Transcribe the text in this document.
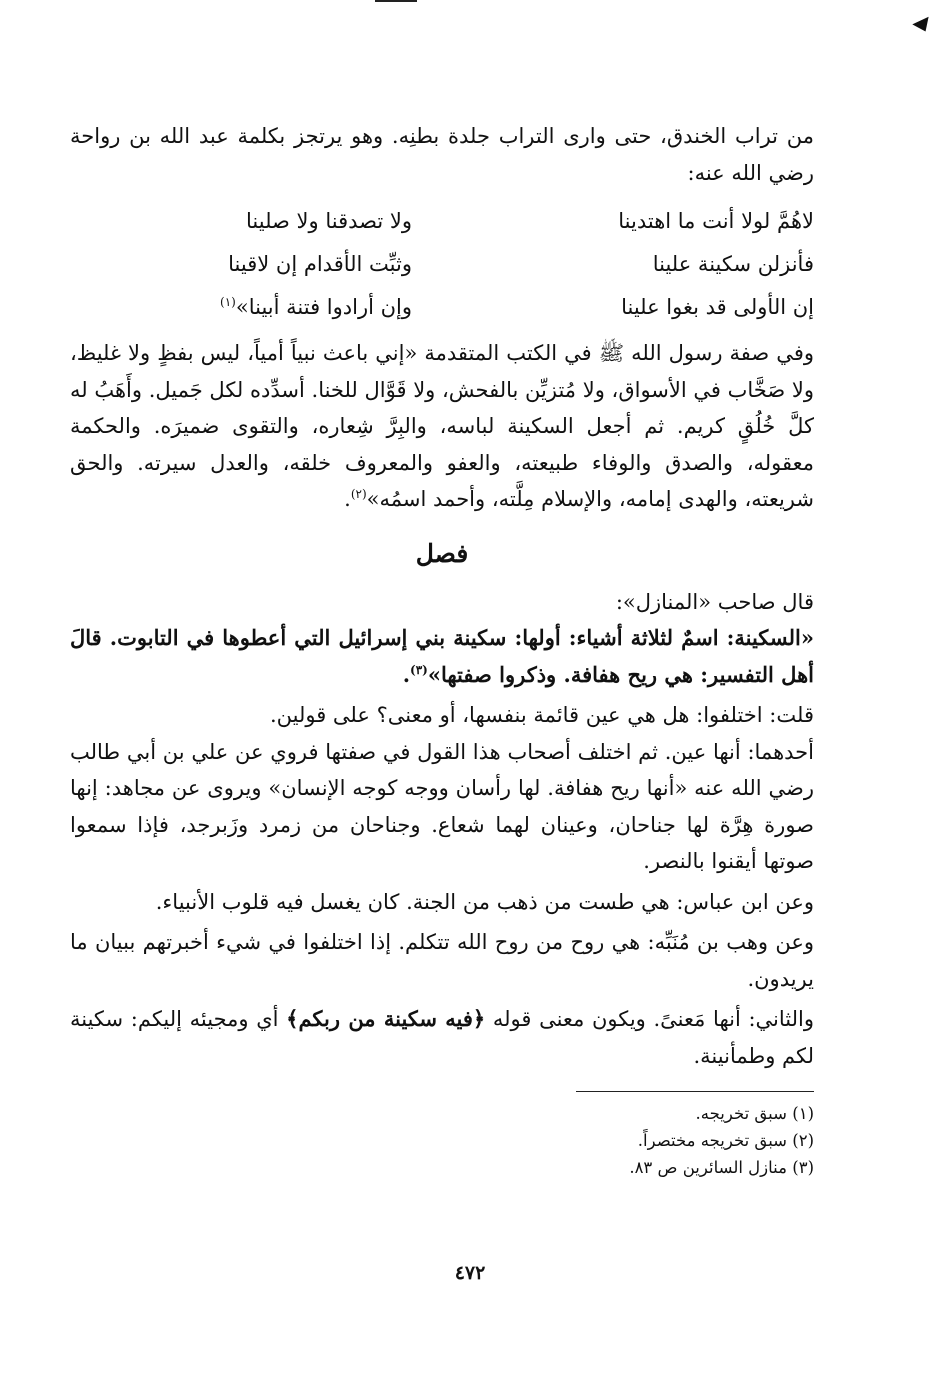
من تراب الخندق، حتى وارى التراب جلدة بطنِه. وهو يرتجز بكلمة عبد الله بن رواحة رضي الله عنه:

لاهُمَّ لولا أنت ما اهتدينا
ولا تصدقنا ولا صلينا
فأنزلن سكينة علينا
وثبِّت الأقدام إن لاقينا
إن الأولى قد بغوا علينا
وإن أرادوا فتنة أبينا»$^{(١)}$

وفي صفة رسول الله ﷺ في الكتب المتقدمة «إني باعث نبياً أمياً، ليس بفظٍ ولا غليظ، ولا صَخَّاب في الأسواق، ولا مُتزيِّن بالفحش، ولا قَوَّال للخنا. أسدِّده لكل جَميل. وأَهَبُ له كلَّ خُلُقٍ كريم. ثم أجعل السكينة لباسه، والبِرَّ شِعاره، والتقوى ضميرَه. والحكمة معقوله، والصدق والوفاء طبيعته، والعفو والمعروف خلقه، والعدل سيرته. والحق شريعته، والهدى إمامه، والإسلام مِلَّته، وأحمد اسمُه»$^{(٢)}$.

فصل

قال صاحب «المنازل»:

«السكينة: اسمٌ لثلاثة أشياء: أولها: سكينة بني إسرائيل التي أعطوها في التابوت. قالَ أهل التفسير: هي ريح هفافة. وذكروا صفتها»$^{(٣)}$.

قلت: اختلفوا: هل هي عين قائمة بنفسها، أو معنى؟ على قولين.

أحدهما: أنها عين. ثم اختلف أصحاب هذا القول في صفتها فروي عن علي بن أبي طالب رضي الله عنه «أنها ريح هفافة. لها رأسان ووجه كوجه الإنسان» ويروى عن مجاهد: إنها صورة هِرَّة لها جناحان، وعينان لهما شعاع. وجناحان من زمرد وزَبرجد، فإذا سمعوا صوتها أيقنوا بالنصر.

وعن ابن عباس: هي طست من ذهب من الجنة. كان يغسل فيه قلوب الأنبياء.

وعن وهب بن مُنَبِّه: هي روح من روح الله تتكلم. إذا اختلفوا في شيء أخبرتهم ببيان ما يريدون.

والثاني: أنها مَعنىً. ويكون معنى قوله ﴿فيه سكينة من ربكم﴾ أي ومجيئه إليكم: سكينة لكم وطمأنينة.

(١) سبق تخريجه.

(٢) سبق تخريجه مختصراً.

(٣) منازل السائرين ص ٨٣.

٤٧٢
